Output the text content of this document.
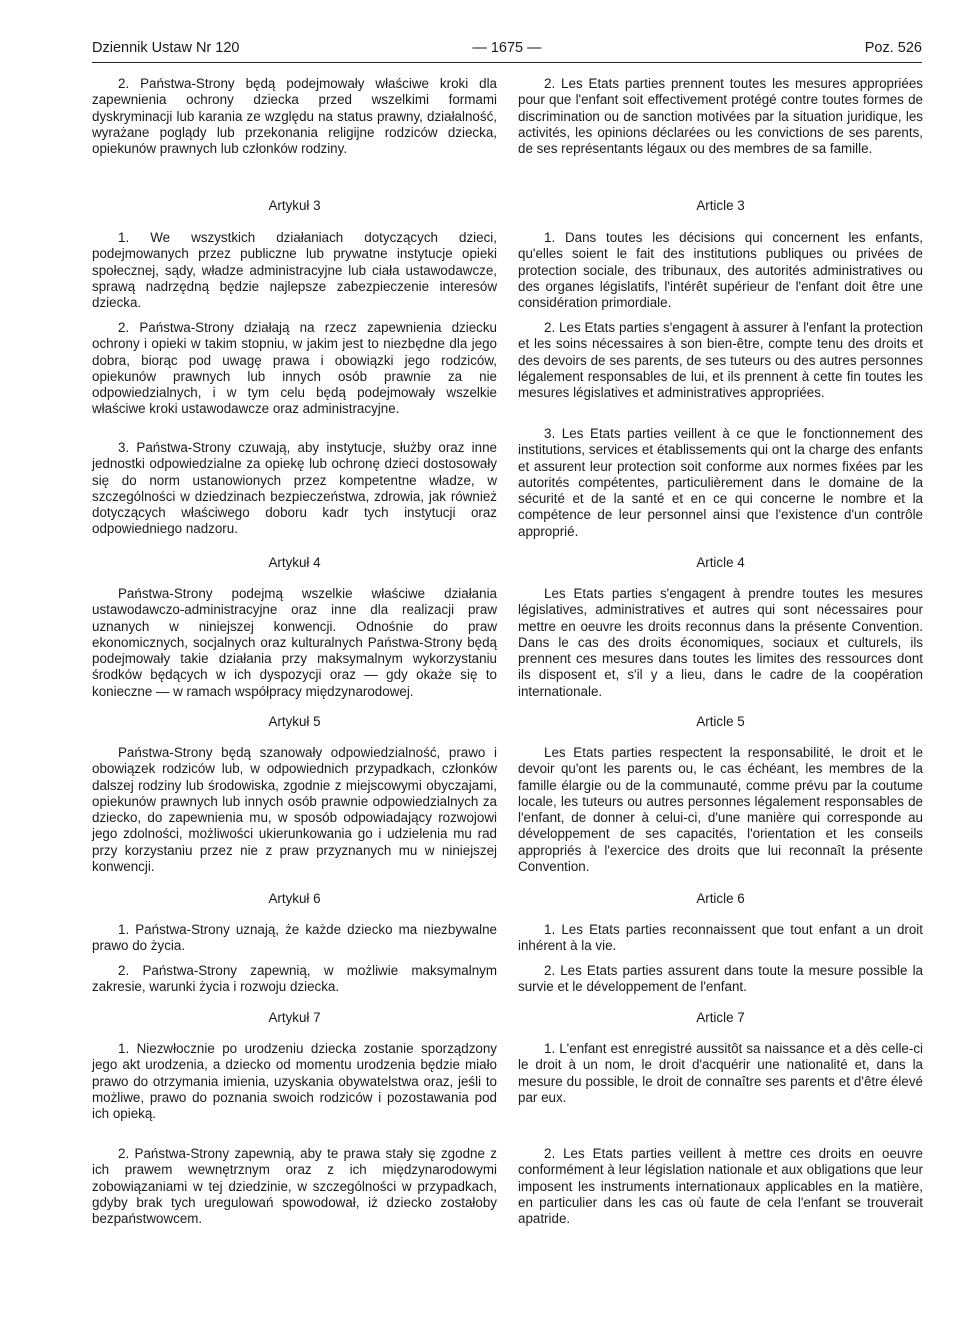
Dziennik Ustaw Nr 120	— 1675 —	Poz. 526

2. Państwa-Strony będą podejmowały właściwe kroki dla zapewnienia ochrony dziecka przed wszelkimi formami dyskryminacji lub karania ze względu na status prawny, działalność, wyrażane poglądy lub przekonania religijne rodziców dziecka, opiekunów prawnych lub członków rodziny.

Artykuł 3

1. We wszystkich działaniach dotyczących dzieci, podejmowanych przez publiczne lub prywatne instytucje opieki społecznej, sądy, władze administracyjne lub ciała ustawodawcze, sprawą nadrzędną będzie najlepsze zabezpieczenie interesów dziecka.

2. Państwa-Strony działają na rzecz zapewnienia dziecku ochrony i opieki w takim stopniu, w jakim jest to niezbędne dla jego dobra, biorąc pod uwagę prawa i obowiązki jego rodziców, opiekunów prawnych lub innych osób prawnie za nie odpowiedzialnych, i w tym celu będą podejmowały wszelkie właściwe kroki ustawodawcze oraz administracyjne.

3. Państwa-Strony czuwają, aby instytucje, służby oraz inne jednostki odpowiedzialne za opiekę lub ochronę dzieci dostosowały się do norm ustanowionych przez kompetentne władze, w szczególności w dziedzinach bezpieczeństwa, zdrowia, jak również dotyczących właściwego doboru kadr tych instytucji oraz odpowiedniego nadzoru.

Artykuł 4

Państwa-Strony podejmą wszelkie właściwe działania ustawodawczo-administracyjne oraz inne dla realizacji praw uznanych w niniejszej konwencji. Odnośnie do praw ekonomicznych, socjalnych oraz kulturalnych Państwa-Strony będą podejmowały takie działania przy maksymalnym wykorzystaniu środków będących w ich dyspozycji oraz — gdy okaże się to konieczne — w ramach współpracy międzynarodowej.

Artykuł 5

Państwa-Strony będą szanowały odpowiedzialność, prawo i obowiązek rodziców lub, w odpowiednich przypadkach, członków dalszej rodziny lub środowiska, zgodnie z miejscowymi obyczajami, opiekunów prawnych lub innych osób prawnie odpowiedzialnych za dziecko, do zapewnienia mu, w sposób odpowiadający rozwojowi jego zdolności, możliwości ukierunkowania go i udzielenia mu rad przy korzystaniu przez nie z praw przyznanych mu w niniejszej konwencji.

Artykuł 6

1. Państwa-Strony uznają, że każde dziecko ma niezbywalne prawo do życia.

2. Państwa-Strony zapewnią, w możliwie maksymalnym zakresie, warunki życia i rozwoju dziecka.

Artykuł 7

1. Niezwłocznie po urodzeniu dziecka zostanie sporządzony jego akt urodzenia, a dziecko od momentu urodzenia będzie miało prawo do otrzymania imienia, uzyskania obywatelstwa oraz, jeśli to możliwe, prawo do poznania swoich rodziców i pozostawania pod ich opieką.

2. Państwa-Strony zapewnią, aby te prawa stały się zgodne z ich prawem wewnętrznym oraz z ich międzynarodowymi zobowiązaniami w tej dziedzinie, w szczególności w przypadkach, gdyby brak tych uregulowań spowodował, iż dziecko zostałoby bezpaństwowcem.

2. Les Etats parties prennent toutes les mesures appropriées pour que l'enfant soit effectivement protégé contre toutes formes de discrimination ou de sanction motivées par la situation juridique, les activités, les opinions déclarées ou les convictions de ses parents, de ses représentants légaux ou des membres de sa famille.

Article 3

1. Dans toutes les décisions qui concernent les enfants, qu'elles soient le fait des institutions publiques ou privées de protection sociale, des tribunaux, des autorités administratives ou des organes législatifs, l'intérêt supérieur de l'enfant doit être une considération primordiale.

2. Les Etats parties s'engagent à assurer à l'enfant la protection et les soins nécessaires à son bien-être, compte tenu des droits et des devoirs de ses parents, de ses tuteurs ou des autres personnes légalement responsables de lui, et ils prennent à cette fin toutes les mesures législatives et administratives appropriées.

3. Les Etats parties veillent à ce que le fonctionnement des institutions, services et établissements qui ont la charge des enfants et assurent leur protection soit conforme aux normes fixées par les autorités compétentes, particulièrement dans le domaine de la sécurité et de la santé et en ce qui concerne le nombre et la compétence de leur personnel ainsi que l'existence d'un contrôle approprié.

Article 4

Les Etats parties s'engagent à prendre toutes les mesures législatives, administratives et autres qui sont nécessaires pour mettre en oeuvre les droits reconnus dans la présente Convention. Dans le cas des droits économiques, sociaux et culturels, ils prennent ces mesures dans toutes les limites des ressources dont ils disposent et, s'il y a lieu, dans le cadre de la coopération internationale.

Article 5

Les Etats parties respectent la responsabilité, le droit et le devoir qu'ont les parents ou, le cas échéant, les membres de la famille élargie ou de la communauté, comme prévu par la coutume locale, les tuteurs ou autres personnes légalement responsables de l'enfant, de donner à celui-ci, d'une manière qui corresponde au développement de ses capacités, l'orientation et les conseils appropriés à l'exercice des droits que lui reconnaît la présente Convention.

Article 6

1. Les Etats parties reconnaissent que tout enfant a un droit inhérent à la vie.

2. Les Etats parties assurent dans toute la mesure possible la survie et le développement de l'enfant.

Article 7

1. L'enfant est enregistré aussitôt sa naissance et a dès celle-ci le droit à un nom, le droit d'acquérir une nationalité et, dans la mesure du possible, le droit de connaître ses parents et d'être élevé par eux.

2. Les Etats parties veillent à mettre ces droits en oeuvre conformément à leur législation nationale et aux obligations que leur imposent les instruments internationaux applicables en la matière, en particulier dans les cas où faute de cela l'enfant se trouverait apatride.
